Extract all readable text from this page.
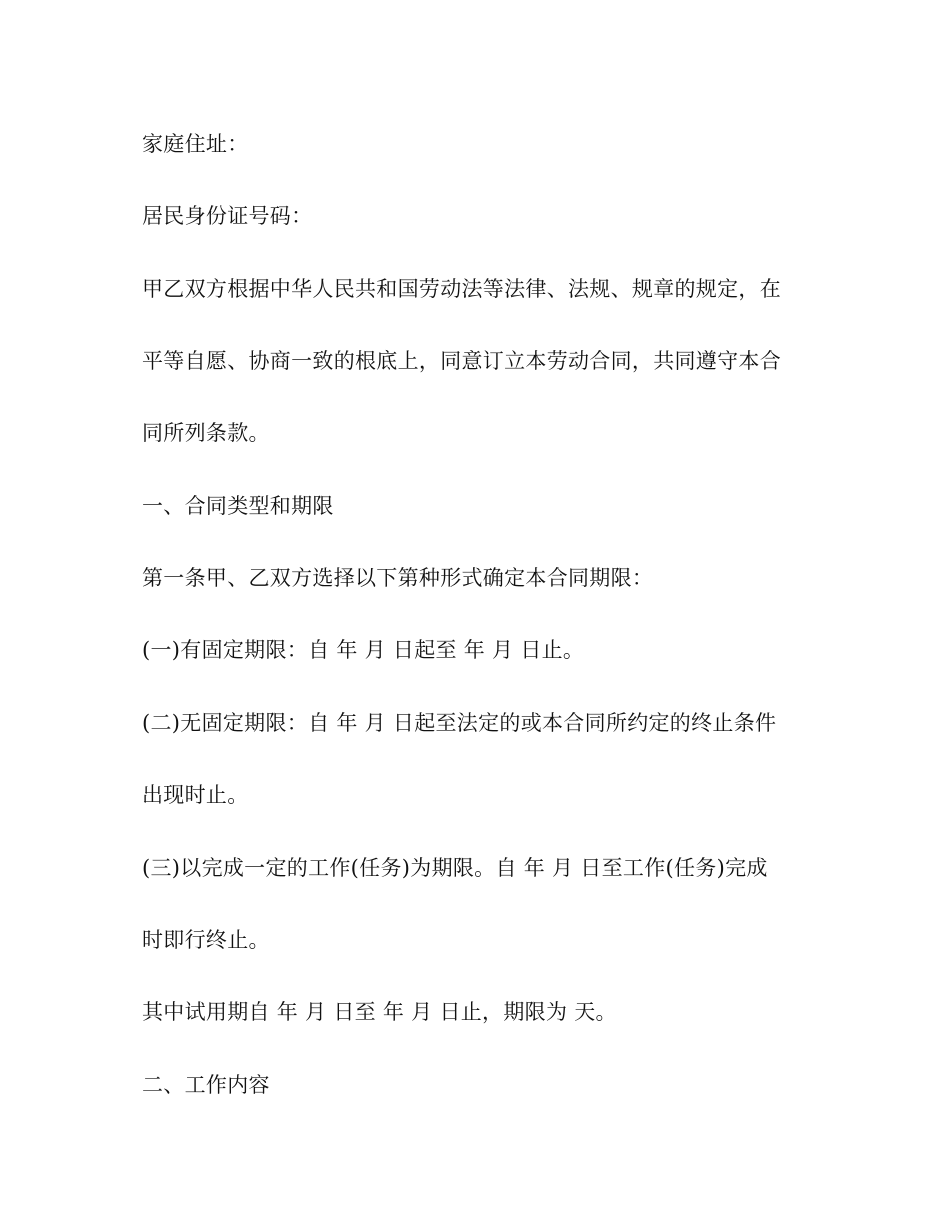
家庭住址：
居民身份证号码：
甲乙双方根据中华人民共和国劳动法等法律、法规、规章的规定，在
平等自愿、协商一致的根底上，同意订立本劳动合同，共同遵守本合
同所列条款。
一、合同类型和期限
第一条甲、乙双方选择以下第种形式确定本合同期限：
(一)有固定期限：自 年 月 日起至 年 月 日止。
(二)无固定期限：自 年 月 日起至法定的或本合同所约定的终止条件
出现时止。
(三)以完成一定的工作(任务)为期限。自 年 月 日至工作(任务)完成
时即行终止。
其中试用期自 年 月 日至 年 月 日止，期限为 天。
二、工作内容
